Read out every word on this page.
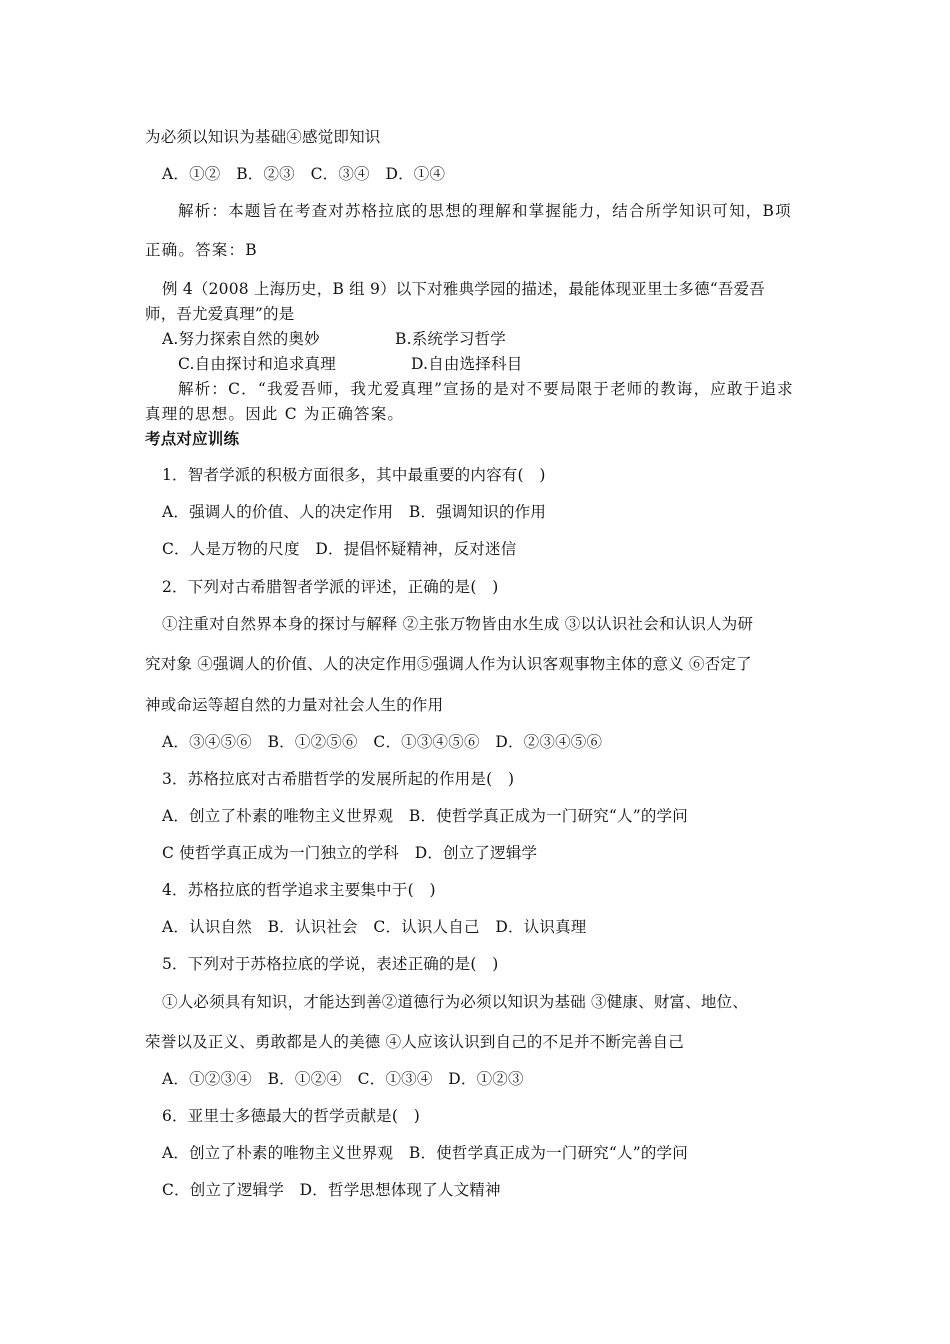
为必须以知识为基础④感觉即知识
A．①②　B．②③　C．③④　D．①④
解析：本题旨在考查对苏格拉底的思想的理解和掌握能力，结合所学知识可知，B项
正确。答案：B
例 4（2008 上海历史，B 组 9）以下对雅典学园的描述，最能体现亚里士多德“吾爱吾
师，吾尤爱真理”的是
A.努力探索自然的奥妙	B.系统学习哲学
C.自由探讨和追求真理	D.自由选择科目
解析：C．“我爱吾师，我尤爱真理”宣扬的是对不要局限于老师的教诲，应敢于追求
真理的思想。因此 C 为正确答案。
考点对应训练
1．智者学派的积极方面很多，其中最重要的内容有(　)
A．强调人的价值、人的决定作用　B．强调知识的作用
C．人是万物的尺度　D．提倡怀疑精神，反对迷信
2．下列对古希腊智者学派的评述，正确的是(　)
①注重对自然界本身的探讨与解释 ②主张万物皆由水生成 ③以认识社会和认识人为研
究对象 ④强调人的价值、人的决定作用⑤强调人作为认识客观事物主体的意义 ⑥否定了
神或命运等超自然的力量对社会人生的作用
A．③④⑤⑥　B．①②⑤⑥　C．①③④⑤⑥　D．②③④⑤⑥
3．苏格拉底对古希腊哲学的发展所起的作用是(　)
A．创立了朴素的唯物主义世界观　B．使哲学真正成为一门研究“人”的学问
C 使哲学真正成为一门独立的学科　D．创立了逻辑学
4．苏格拉底的哲学追求主要集中于(　)
A．认识自然　B．认识社会　C．认识人自己　D．认识真理
5．下列对于苏格拉底的学说，表述正确的是(　)
①人必须具有知识，才能达到善②道德行为必须以知识为基础 ③健康、财富、地位、
荣誉以及正义、勇敢都是人的美德 ④人应该认识到自己的不足并不断完善自己
A．①②③④　B．①②④　C．①③④　D．①②③
6．亚里士多德最大的哲学贡献是(　)
A．创立了朴素的唯物主义世界观　B．使哲学真正成为一门研究“人”的学问
C．创立了逻辑学　D．哲学思想体现了人文精神
